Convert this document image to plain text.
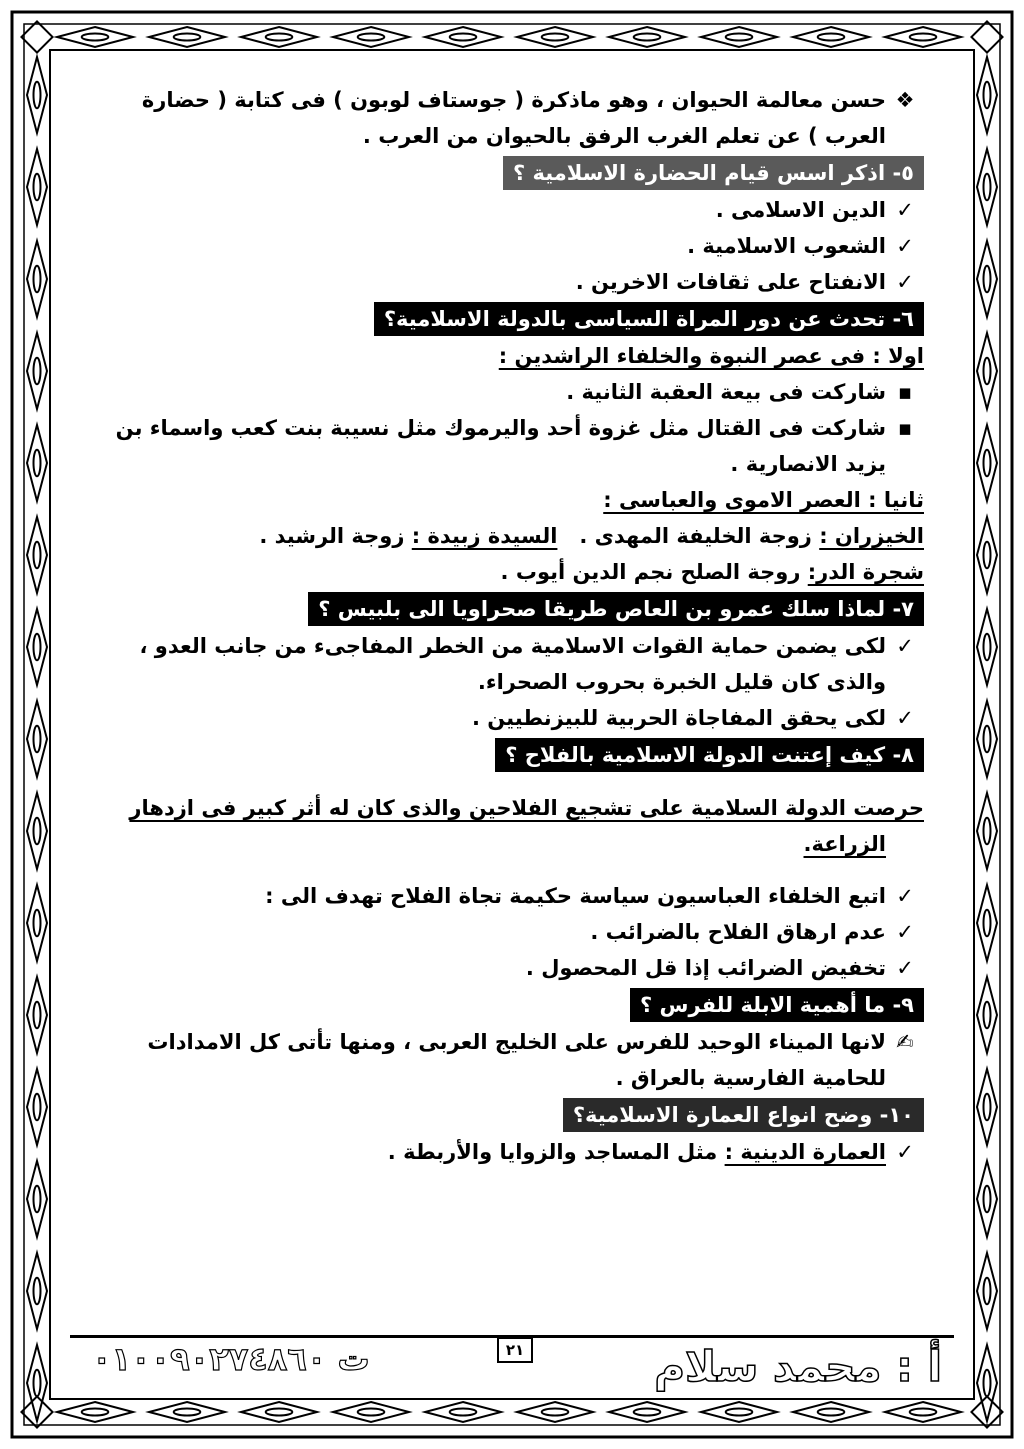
❖
حسن معالمة الحيوان ، وهو ماذكرة ( جوستاف لوبون ) فى كتابة ( حضارة
العرب ) عن تعلم الغرب الرفق بالحيوان من العرب .
٥- اذكر اسس قيام الحضارة الاسلامية ؟
✓
الدين الاسلامى .
✓
الشعوب الاسلامية .
✓
الانفتاح على ثقافات الاخرين .
٦- تحدث عن دور المراة السياسى بالدولة الاسلامية؟
اولا : فى عصر النبوة والخلفاء الراشدين :
▪
شاركت فى بيعة العقبة الثانية .
▪
شاركت فى القتال مثل غزوة أحد واليرموك مثل نسيبة بنت كعب واسماء بن
يزيد الانصارية .
ثانيا : العصر الاموى والعباسى :
الخيزران :
زوجة الخليفة المهدى .
السيدة زبيدة :
زوجة الرشيد .
شجرة الدر:
روجة الصلح نجم الدين أيوب .
٧- لماذا سلك عمرو بن العاص طريقا صحراويا الى بلبيس ؟
✓
لكى يضمن حماية القوات الاسلامية من الخطر المفاجىء من جانب العدو ،
والذى كان قليل الخبرة بحروب الصحراء.
✓
لكى يحقق المفاجاة الحربية للبيزنطيين .
٨- كيف إعتنت الدولة الاسلامية بالفلاح ؟
حرصت الدولة السلامية على تشجيع الفلاحين والذى كان له أثر كبير فى ازدهار
الزراعة.
✓
اتبع الخلفاء العباسيون سياسة حكيمة تجاة الفلاح تهدف الى :
✓
عدم ارهاق الفلاح بالضرائب .
✓
تخفيض الضرائب إذا قل المحصول .
٩- ما أهمية الابلة للفرس ؟
✍
لانها الميناء الوحيد للفرس على الخليج العربى ، ومنها تأتى كل الامدادات
للحامية الفارسية بالعراق .
١٠- وضح انواع العمارة الاسلامية؟
✓
العمارة الدينية : مثل المساجد والزوايا والأربطة .
٢١
ت ٠١٠٠٩٠٢٧٤٨٦٠	أ : محمد سلام
